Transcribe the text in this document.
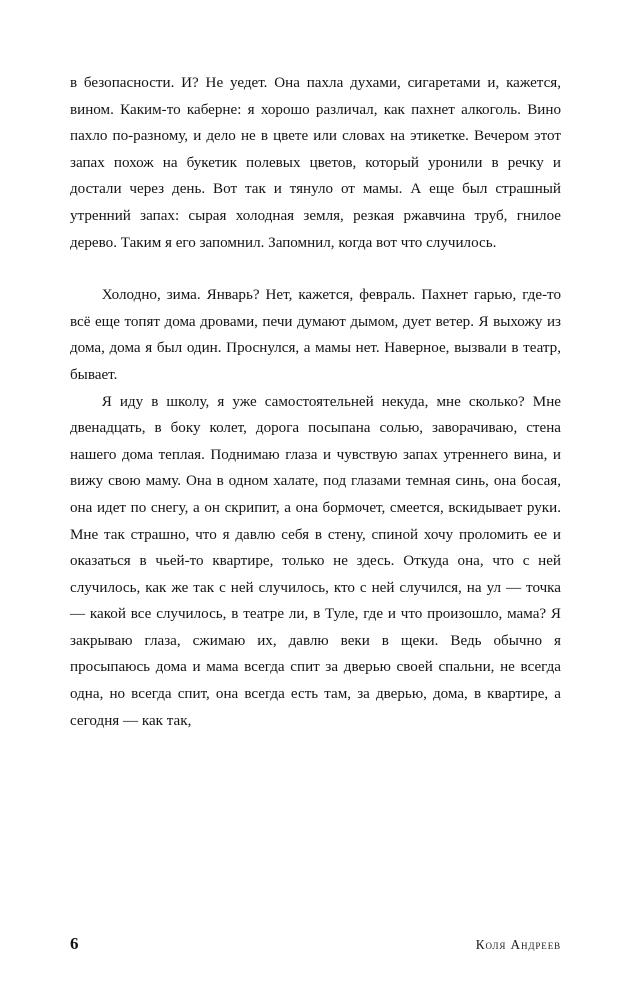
в безопасности. И? Не уедет. Она пахла духами, сигаретами и, кажется, вином. Каким-то каберне: я хорошо различал, как пахнет алкоголь. Вино пахло по-разному, и дело не в цвете или словах на этикетке. Вечером этот запах похож на букетик полевых цветов, который уронили в речку и достали через день. Вот так и тянуло от мамы. А еще был страшный утренний запах: сырая холодная земля, резкая ржавчина труб, гнилое дерево. Таким я его запомнил. Запомнил, когда вот что случилось.

Холодно, зима. Январь? Нет, кажется, февраль. Пахнет гарью, где-то всё еще топят дома дровами, печи думают дымом, дует ветер. Я выхожу из дома, дома я был один. Проснулся, а мамы нет. Наверное, вызвали в театр, бывает.

Я иду в школу, я уже самостоятельней некуда, мне сколько? Мне двенадцать, в боку колет, дорога посыпана солью, заворачиваю, стена нашего дома теплая. Поднимаю глаза и чувствую запах утреннего вина, и вижу свою маму. Она в одном халате, под глазами темная синь, она босая, она идет по снегу, а он скрипит, а она бормочет, смеется, вскидывает руки. Мне так страшно, что я давлю себя в стену, спиной хочу проломить ее и оказаться в чьей-то квартире, только не здесь. Откуда она, что с ней случилось, как же так с ней случилось, кто с ней случился, на ул — точка — какой все случилось, в театре ли, в Туле, где и что произошло, мама? Я закрываю глаза, сжимаю их, давлю веки в щеки. Ведь обычно я просыпаюсь дома и мама всегда спит за дверью своей спальни, не всегда одна, но всегда спит, она всегда есть там, за дверью, дома, в квартире, а сегодня — как так,

6	Коля Андреев
